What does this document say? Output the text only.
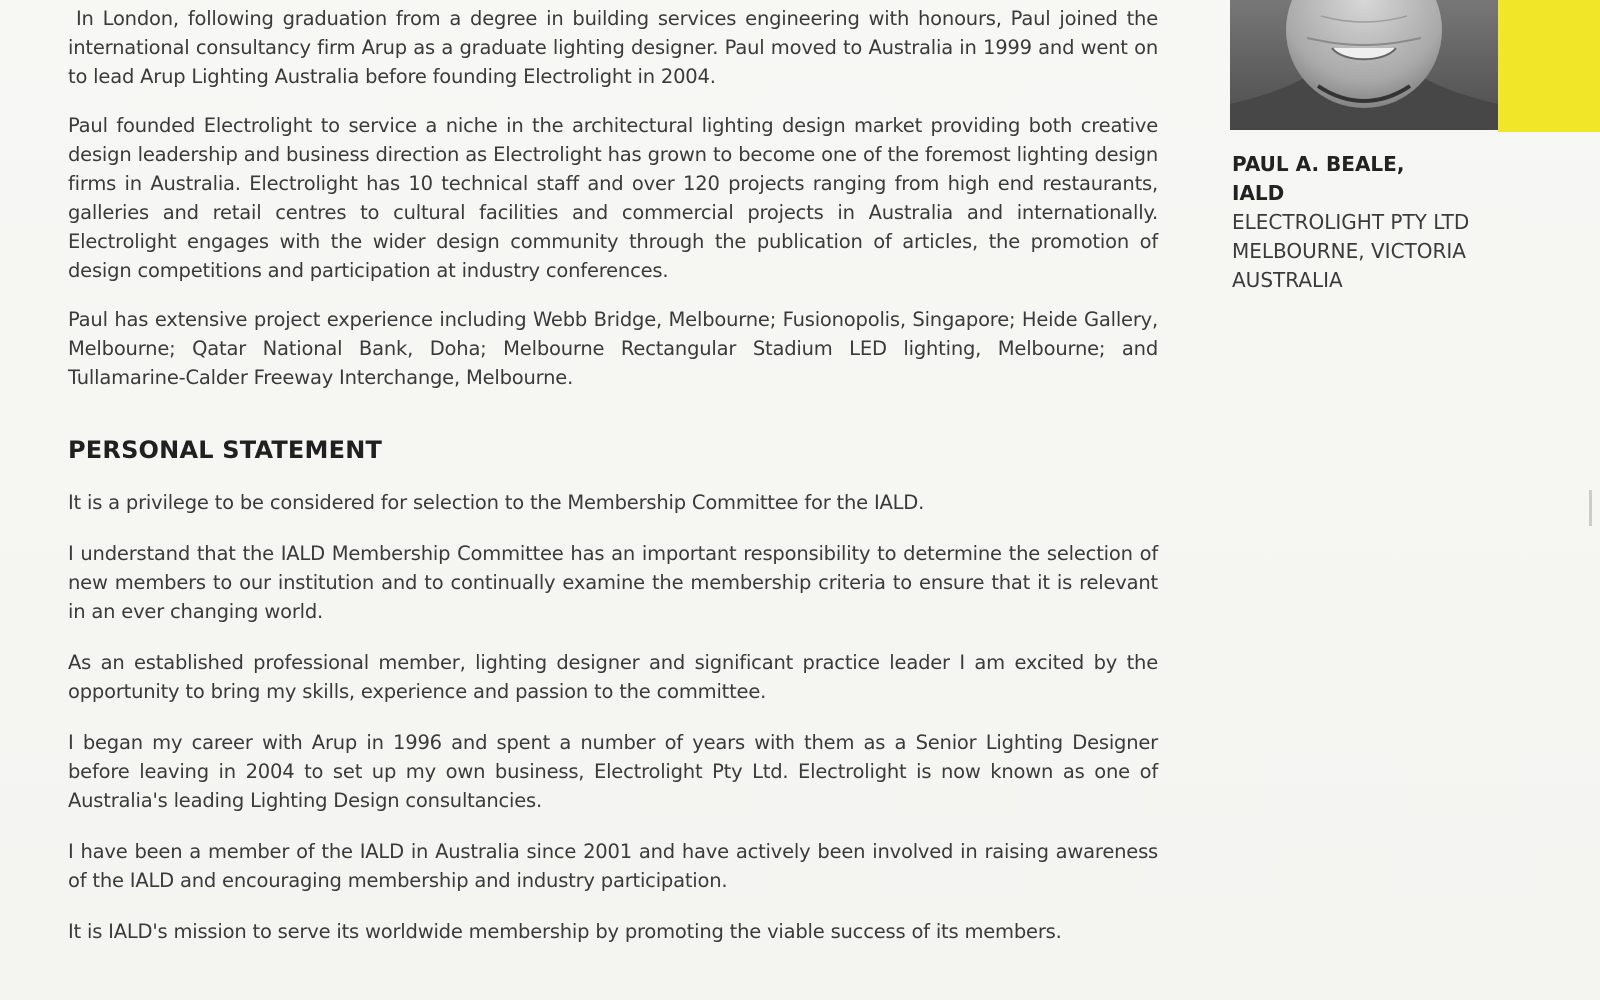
In London, following graduation from a degree in building services engineering with honours, Paul joined the international consultancy firm Arup as a graduate lighting designer. Paul moved to Australia in 1999 and went on to lead Arup Lighting Australia before founding Electrolight in 2004.

Paul founded Electrolight to service a niche in the architectural lighting design market providing both creative design leadership and business direction as Electrolight has grown to become one of the foremost lighting design firms in Australia. Electrolight has 10 technical staff and over 120 projects ranging from high end restaurants, galleries and retail centres to cultural facilities and commercial projects in Australia and internationally. Electrolight engages with the wider design community through the publication of articles, the promotion of design competitions and participation at industry conferences.

Paul has extensive project experience including Webb Bridge, Melbourne; Fusionopolis, Singapore; Heide Gallery, Melbourne; Qatar National Bank, Doha; Melbourne Rectangular Stadium LED lighting, Melbourne; and Tullamarine-Calder Freeway Interchange, Melbourne.

PERSONAL STATEMENT

It is a privilege to be considered for selection to the Membership Committee for the IALD.

I understand that the IALD Membership Committee has an important responsibility to determine the selection of new members to our institution and to continually examine the membership criteria to ensure that it is relevant in an ever changing world.

As an established professional member, lighting designer and significant practice leader I am excited by the opportunity to bring my skills, experience and passion to the committee.

I began my career with Arup in 1996 and spent a number of years with them as a Senior Lighting Designer before leaving in 2004 to set up my own business, Electrolight Pty Ltd. Electrolight is now known as one of Australia's leading Lighting Design consultancies.

I have been a member of the IALD in Australia since 2001 and have actively been involved in raising awareness of the IALD and encouraging membership and industry participation.

It is IALD's mission to serve its worldwide membership by promoting the viable success of its members.

PAUL A. BEALE,
IALD
ELECTROLIGHT PTY LTD
MELBOURNE, VICTORIA
AUSTRALIA
